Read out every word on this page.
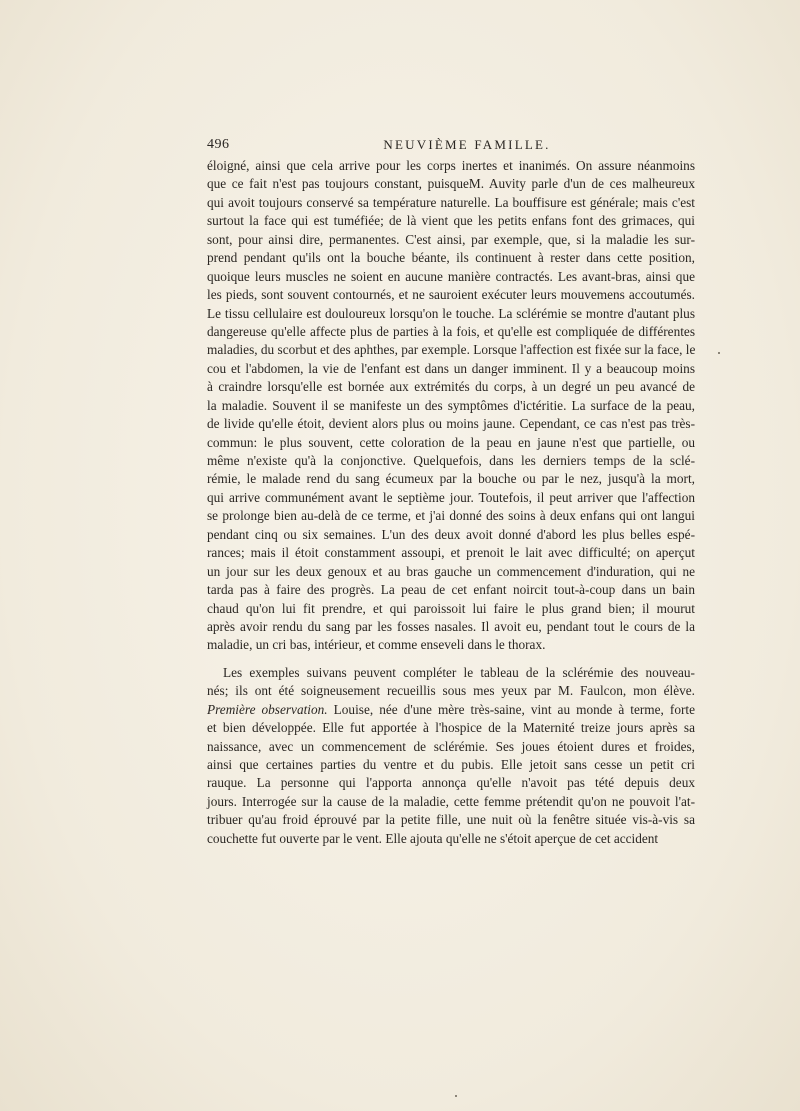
496	NEUVIÈME FAMILLE.
éloigné, ainsi que cela arrive pour les corps inertes et inanimés. On assure néanmoins
que ce fait n'est pas toujours constant, puisqueM. Auvity parle d'un de ces malheureux
qui avoit toujours conservé sa température naturelle. La bouffisure est générale; mais c'est
surtout la face qui est tuméfiée; de là vient que les petits enfans font des grimaces, qui
sont, pour ainsi dire, permanentes. C'est ainsi, par exemple, que, si la maladie les sur-
prend pendant qu'ils ont la bouche béante, ils continuent à rester dans cette position,
quoique leurs muscles ne soient en aucune manière contractés. Les avant-bras, ainsi que
les pieds, sont souvent contournés, et ne sauroient exécuter leurs mouvemens accoutumés.
Le tissu cellulaire est douloureux lorsqu'on le touche. La sclérémie se montre d'autant plus
dangereuse qu'elle affecte plus de parties à la fois, et qu'elle est compliquée de différentes
maladies, du scorbut et des aphthes, par exemple. Lorsque l'affection est fixée sur la face, le
cou et l'abdomen, la vie de l'enfant est dans un danger imminent. Il y a beaucoup moins
à craindre lorsqu'elle est bornée aux extrémités du corps, à un degré un peu avancé de
la maladie. Souvent il se manifeste un des symptômes d'ictéritie. La surface de la peau,
de livide qu'elle étoit, devient alors plus ou moins jaune. Cependant, ce cas n'est pas très-
commun: le plus souvent, cette coloration de la peau en jaune n'est que partielle, ou
même n'existe qu'à la conjonctive. Quelquefois, dans les derniers temps de la sclé-
rémie, le malade rend du sang écumeux par la bouche ou par le nez, jusqu'à la mort,
qui arrive communément avant le septième jour. Toutefois, il peut arriver que l'affection
se prolonge bien au-delà de ce terme, et j'ai donné des soins à deux enfans qui ont langui
pendant cinq ou six semaines. L'un des deux avoit donné d'abord les plus belles espé-
rances; mais il étoit constamment assoupi, et prenoit le lait avec difficulté; on aperçut
un jour sur les deux genoux et au bras gauche un commencement d'induration, qui ne
tarda pas à faire des progrès. La peau de cet enfant noircit tout-à-coup dans un bain
chaud qu'on lui fit prendre, et qui paroissoit lui faire le plus grand bien; il mourut
après avoir rendu du sang par les fosses nasales. Il avoit eu, pendant tout le cours de la
maladie, un cri bas, intérieur, et comme enseveli dans le thorax.
Les exemples suivans peuvent compléter le tableau de la sclérémie des nouveau-
nés; ils ont été soigneusement recueillis sous mes yeux par M. Faulcon, mon élève.
Première observation. Louise, née d'une mère très-saine, vint au monde à terme, forte
et bien développée. Elle fut apportée à l'hospice de la Maternité treize jours après sa
naissance, avec un commencement de sclérémie. Ses joues étoient dures et froides,
ainsi que certaines parties du ventre et du pubis. Elle jetoit sans cesse un petit cri
rauque. La personne qui l'apporta annonça qu'elle n'avoit pas tété depuis deux
jours. Interrogée sur la cause de la maladie, cette femme prétendit qu'on ne pouvoit l'at-
tribuer qu'au froid éprouvé par la petite fille, une nuit où la fenêtre située vis-à-vis sa
couchette fut ouverte par le vent. Elle ajouta qu'elle ne s'étoit aperçue de cet accident
